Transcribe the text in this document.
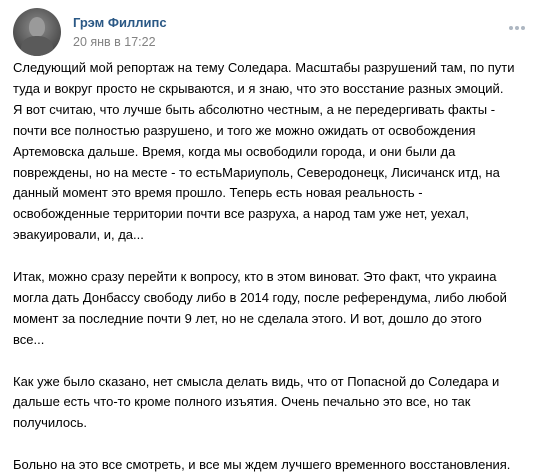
Грэм Филлипс
20 янв в 17:22

Следующий мой репортаж на тему Соледара. Масштабы разрушений там, по пути
туда и вокруг просто не скрываются, и я знаю, что это восстание разных эмоций.
Я вот считаю, что лучше быть абсолютно честным, а не передергивать факты -
почти все полностью разрушено, и того же можно ожидать от освобождения
Артемовска дальше. Время, когда мы освободили города, и они были да
повреждены, но на месте - то естьМариуполь, Северодонецк, Лисичанск итд, на
данный момент это время прошло. Теперь есть новая реальность -
освобожденные территории почти все разруха, а народ там уже нет, уехал,
эвакуировали, и, да...

Итак, можно сразу перейти к вопросу, кто в этом виноват. Это факт, что украина
могла дать Донбассу свободу либо в 2014 году, после референдума, либо любой
момент за последние почти 9 лет, но не сделала этого. И вот, дошло до этого
все...

Как уже было сказано, нет смысла делать видь, что от Попасной до Соледара и
дальше есть что-то кроме полного изъятия. Очень печально это все, но так
получилось.

Больно на это все смотреть, и все мы ждем лучшего временного восстановления.
